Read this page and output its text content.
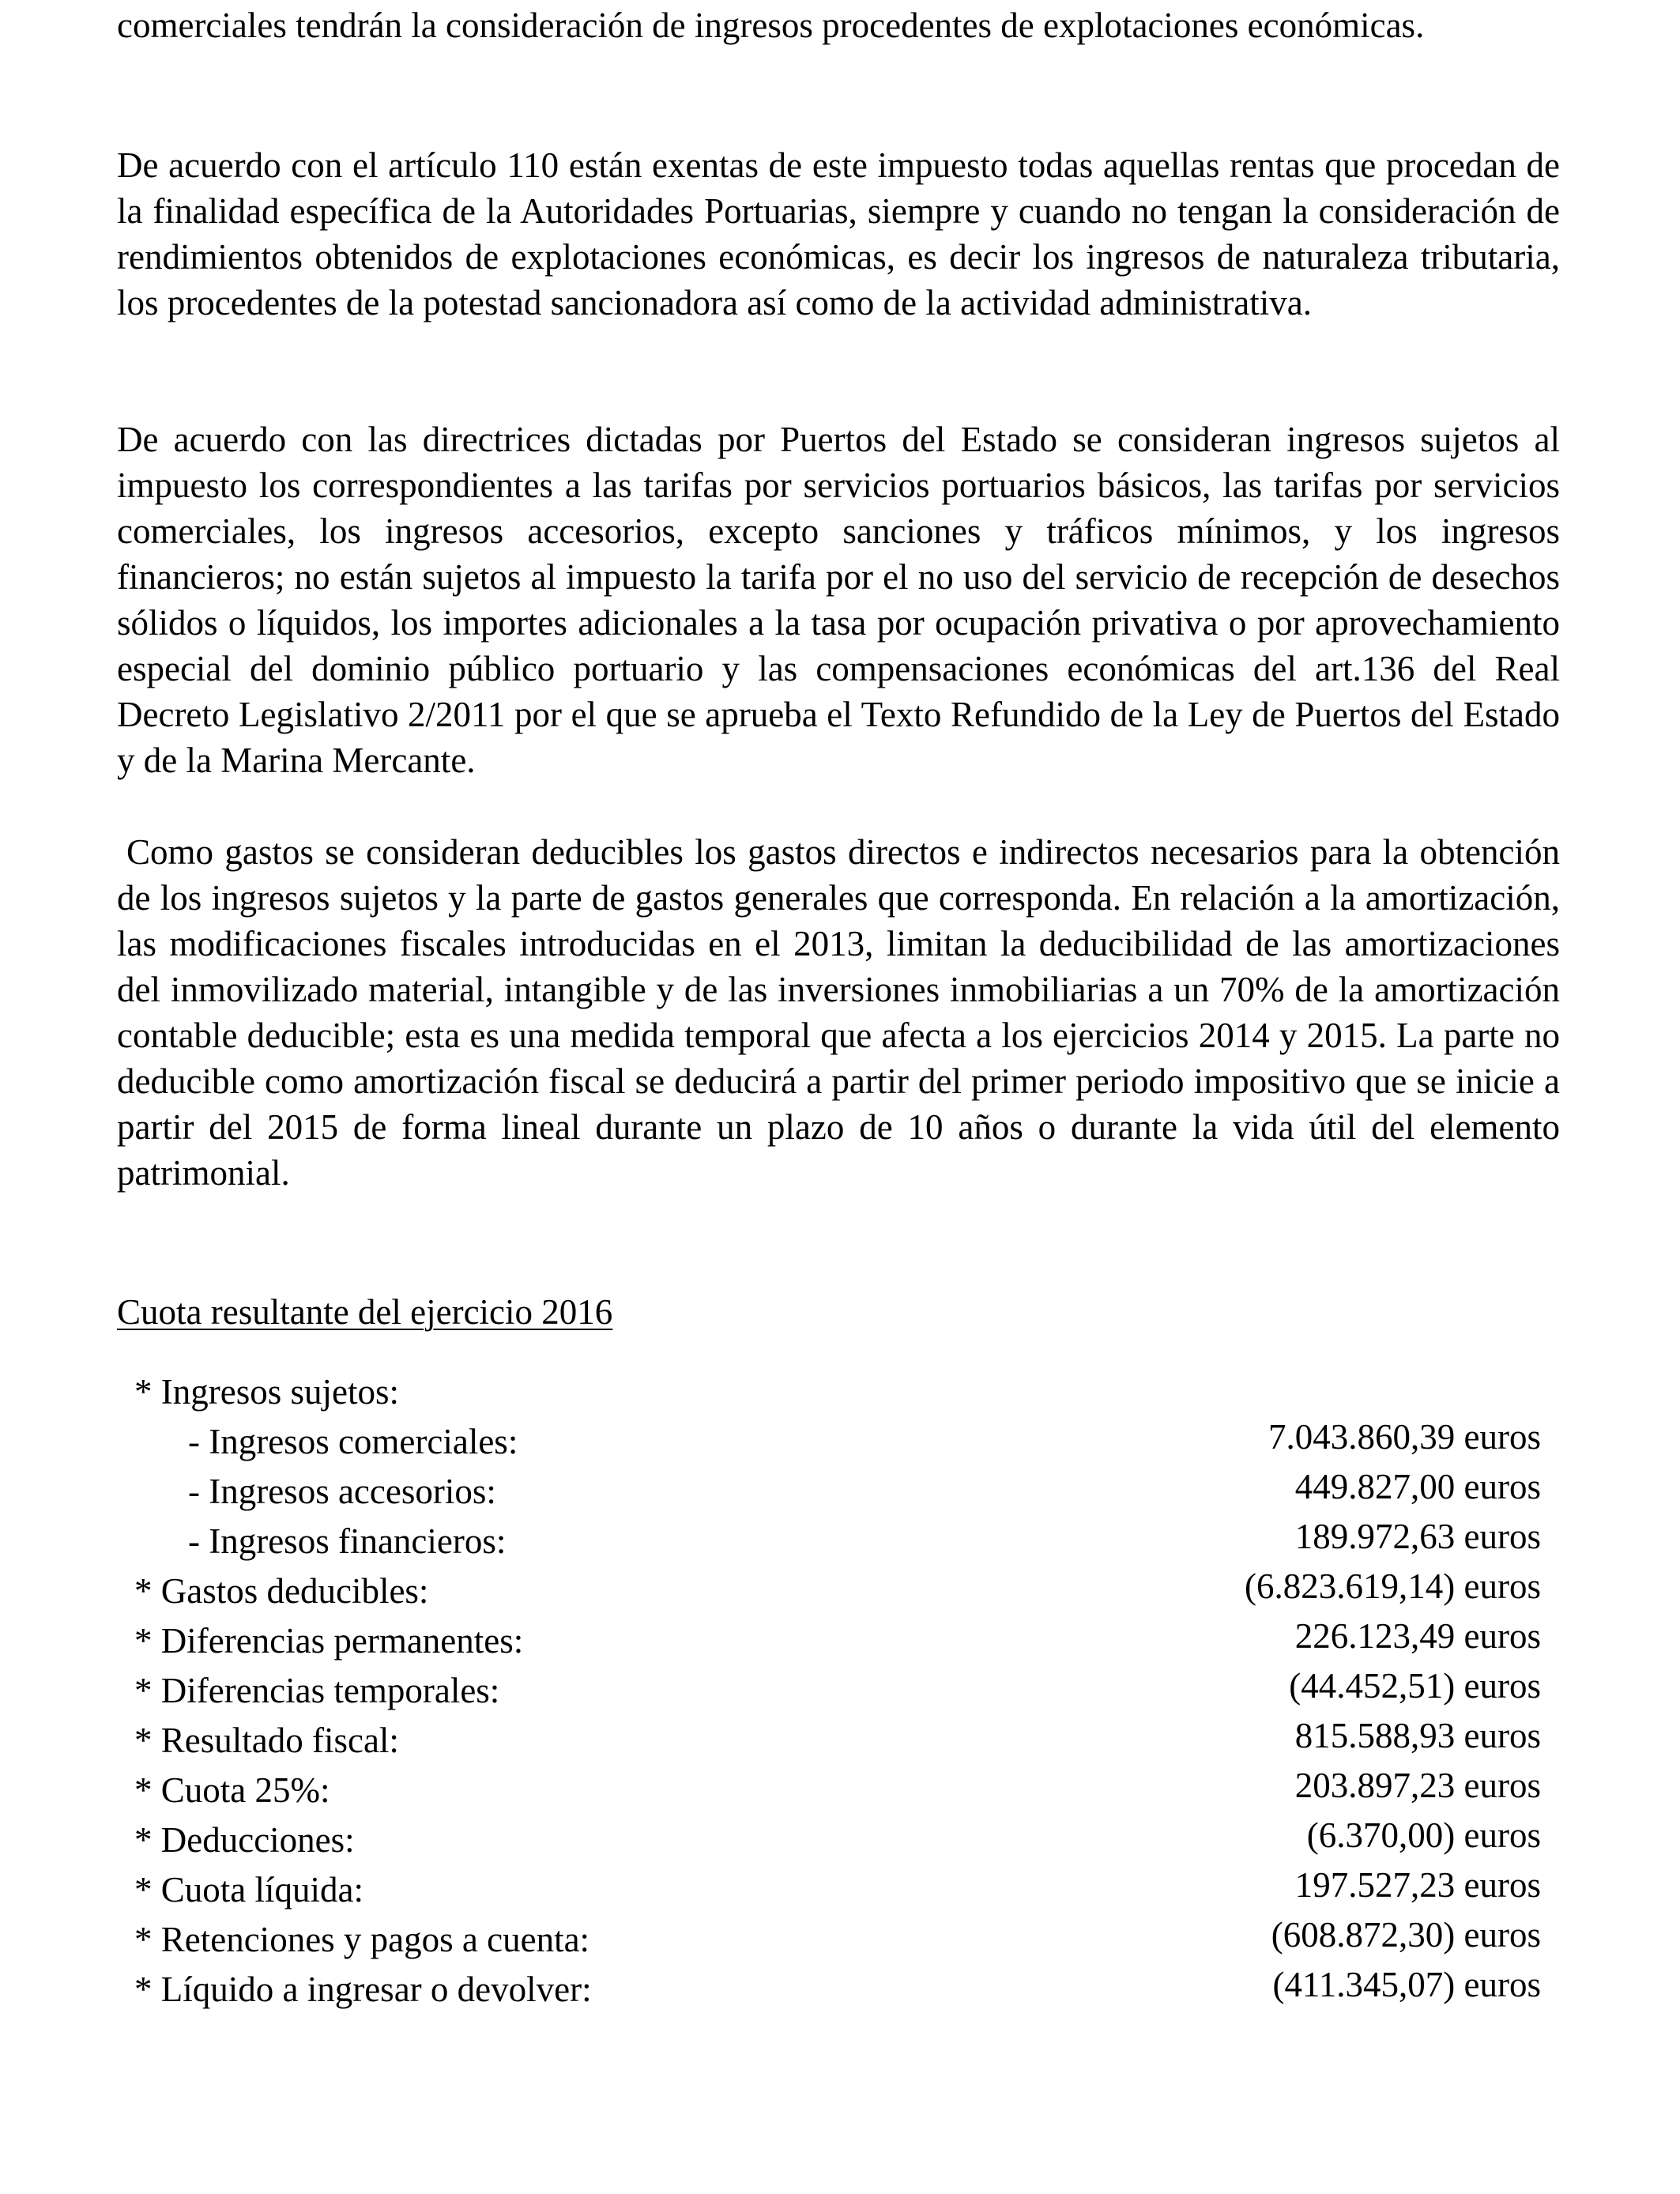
comerciales tendrán la consideración de ingresos procedentes de explotaciones económicas.

De acuerdo con el artículo 110 están exentas de este impuesto todas aquellas rentas que procedan de la finalidad específica de la Autoridades Portuarias, siempre y cuando no tengan la consideración de rendimientos obtenidos de explotaciones económicas, es decir los ingresos de naturaleza tributaria, los procedentes de la potestad sancionadora así como de la actividad administrativa.

De acuerdo con las directrices dictadas por Puertos del Estado se consideran ingresos sujetos al impuesto los correspondientes a las tarifas por servicios portuarios básicos, las tarifas por servicios comerciales, los ingresos accesorios, excepto sanciones y tráficos mínimos, y los ingresos financieros; no están sujetos al impuesto la tarifa por el no uso del servicio de recepción de desechos sólidos o líquidos, los importes adicionales a la tasa por ocupación privativa o por aprovechamiento especial del dominio público portuario y las compensaciones económicas del art.136 del Real Decreto Legislativo 2/2011 por el que se aprueba el Texto Refundido de la Ley de Puertos del Estado y de la Marina Mercante.

Como gastos se consideran deducibles los gastos directos e indirectos necesarios para la obtención de los ingresos sujetos y la parte de gastos generales que corresponda. En relación a la amortización, las modificaciones fiscales introducidas en el 2013, limitan la deducibilidad de las amortizaciones del inmovilizado material, intangible y de las inversiones inmobiliarias a un 70% de la amortización contable deducible; esta es una medida temporal que afecta a los ejercicios 2014 y 2015. La parte no deducible como amortización fiscal se deducirá a partir del primer periodo impositivo que se inicie a partir del 2015 de forma lineal durante un plazo de 10 años o durante la vida útil del elemento patrimonial.

Cuota resultante del ejercicio 2016

* Ingresos sujetos:
- Ingresos comerciales:	7.043.860,39 euros
- Ingresos accesorios:	449.827,00 euros
- Ingresos financieros:	189.972,63 euros
* Gastos deducibles:	(6.823.619,14) euros
* Diferencias permanentes:	226.123,49 euros
* Diferencias temporales:	(44.452,51) euros
* Resultado fiscal:	815.588,93 euros
* Cuota 25%:	203.897,23 euros
* Deducciones:	(6.370,00) euros
* Cuota líquida:	197.527,23 euros
* Retenciones y pagos a cuenta:	(608.872,30) euros
* Líquido a ingresar o devolver:	(411.345,07) euros
